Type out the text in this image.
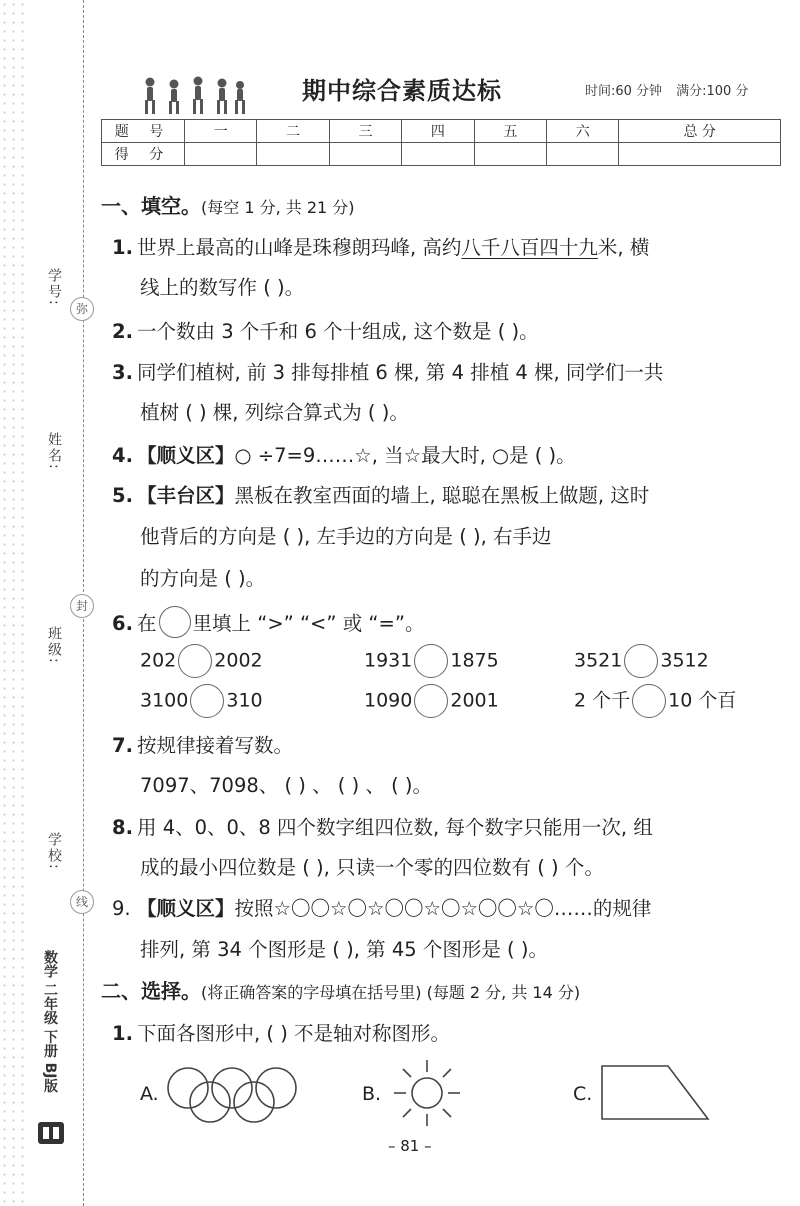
学号:
姓名:
班级:
学校:
弥
封
线
数学 二年级 下册 BJ版
期中综合素质达标	时间:60 分钟 满分:100 分
题 号	一	二	三	四	五	六	总 分
得 分							
一、填空。(每空 1 分, 共 21 分)
1. 世界上最高的山峰是珠穆朗玛峰, 高约八千八百四十九米, 横
线上的数写作 ( )。
2. 一个数由 3 个千和 6 个十组成, 这个数是 ( )。
3. 同学们植树, 前 3 排每排植 6 棵, 第 4 排植 4 棵, 同学们一共
植树 ( ) 棵, 列综合算式为 ( )。
4. 【顺义区】○ ÷7=9……☆, 当☆最大时, ○是 ( )。
5. 【丰台区】黑板在教室西面的墙上, 聪聪在黑板上做题, 这时
他背后的方向是 ( ), 左手边的方向是 ( ), 右手边
的方向是 ( )。
6. 在 里填上 “>” “<” 或 “=”。
202 2002	1931 1875	3521 3512
3100 310	1090 2001	2 个千 10 个百
7. 按规律接着写数。
7097、7098、 ( ) 、 ( ) 、 ( )。
8. 用 4、0、0、8 四个数字组四位数, 每个数字只能用一次, 组
成的最小四位数是 ( ), 只读一个零的四位数有 ( ) 个。
9. 【顺义区】按照☆〇〇☆〇☆〇〇☆〇☆〇〇☆〇……的规律
排列, 第 34 个图形是 ( ), 第 45 个图形是 ( )。
二、选择。(将正确答案的字母填在括号里) (每题 2 分, 共 14 分)
1. 下面各图形中, ( ) 不是轴对称图形。
A.	B.	C.
– 81 –
